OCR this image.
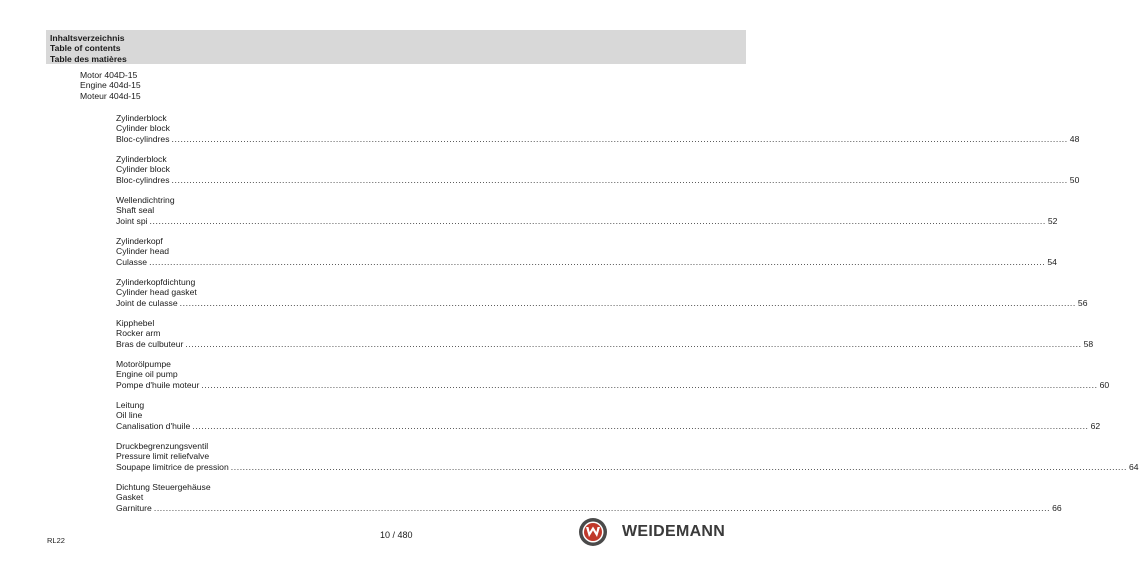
Inhaltsverzeichnis
Table of contents
Table des matières
Motor 404D-15
Engine 404d-15
Moteur 404d-15
Zylinderblock
Cylinder block
Bloc-cylindres ............................................................................................................................................................................................................................................................................................................ 48
Zylinderblock
Cylinder block
Bloc-cylindres ............................................................................................................................................................................................................................................................................................................ 50
Wellendichtring
Shaft seal
Joint spi ............................................................................................................................................................................................................................................................................................................ 52
Zylinderkopf
Cylinder head
Culasse ............................................................................................................................................................................................................................................................................................................ 54
Zylinderkopfdichtung
Cylinder head gasket
Joint de culasse ............................................................................................................................................................................................................................................................................................................ 56
Kipphebel
Rocker arm
Bras de culbuteur ............................................................................................................................................................................................................................................................................................................ 58
Motorölpumpe
Engine oil pump
Pompe d'huile moteur ............................................................................................................................................................................................................................................................................................................ 60
Leitung
Oil line
Canalisation d'huile ............................................................................................................................................................................................................................................................................................................ 62
Druckbegrenzungsventil
Pressure limit reliefvalve
Soupape limitrice de pression ............................................................................................................................................................................................................................................................................................................ 64
Dichtung Steuergehäuse
Gasket
Garniture ............................................................................................................................................................................................................................................................................................................ 66
RL22
10 / 480	WEIDEMANN
